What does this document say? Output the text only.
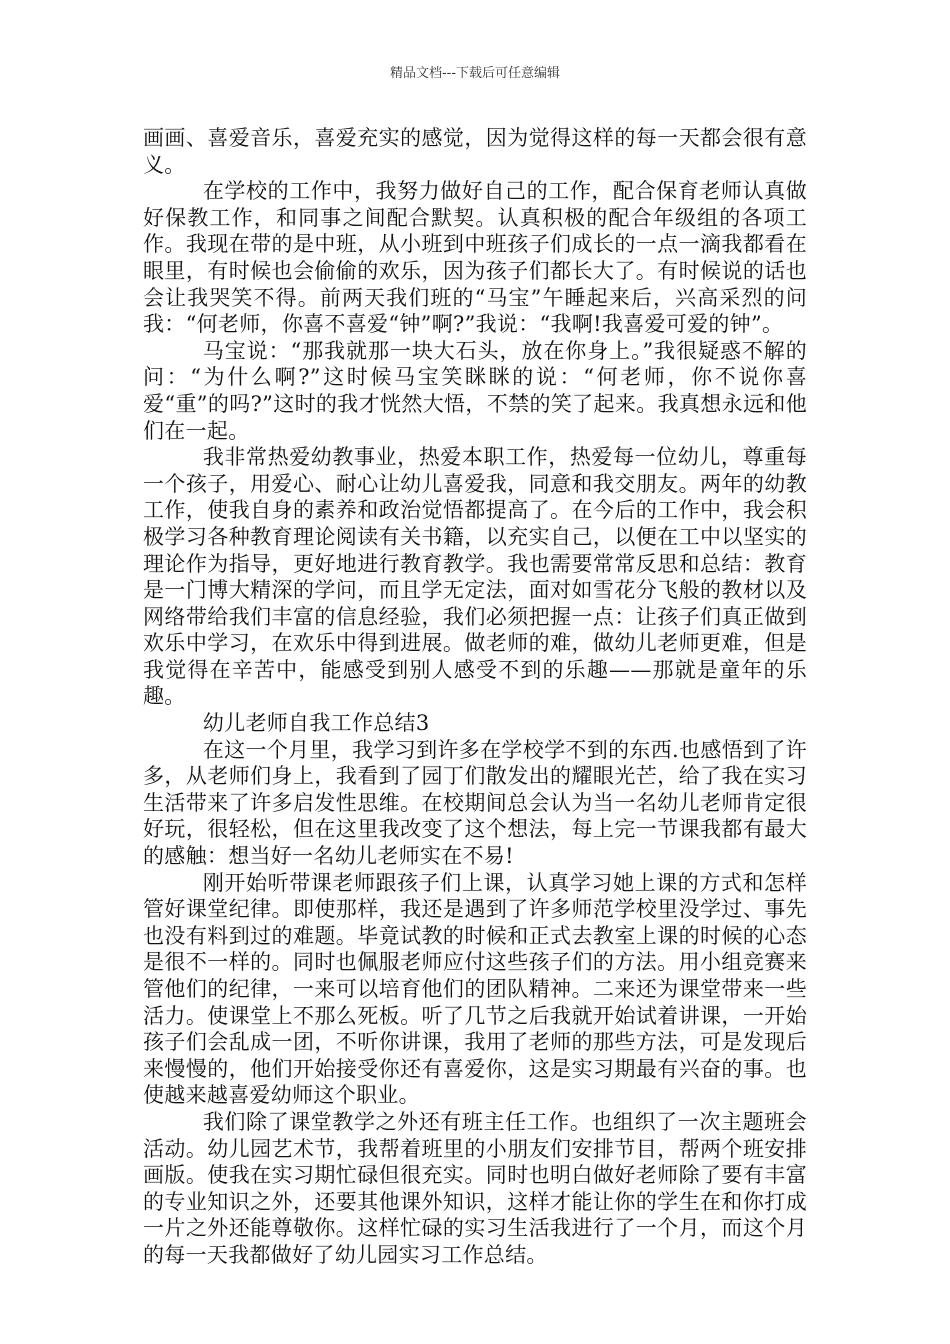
精品文档---下载后可任意编辑

画画、喜爱音乐，喜爱充实的感觉，因为觉得这样的每一天都会很有意义。

在学校的工作中，我努力做好自己的工作，配合保育老师认真做好保教工作，和同事之间配合默契。认真积极的配合年级组的各项工作。我现在带的是中班，从小班到中班孩子们成长的一点一滴我都看在眼里，有时候也会偷偷的欢乐，因为孩子们都长大了。有时候说的话也会让我哭笑不得。前两天我们班的“马宝”午睡起来后，兴高采烈的问我：“何老师，你喜不喜爱“钟”啊?”我说：“我啊!我喜爱可爱的钟”。

马宝说：“那我就那一块大石头，放在你身上。”我很疑惑不解的问：“为什么啊?”这时候马宝笑眯眯的说：“何老师，你不说你喜爱“重”的吗?”这时的我才恍然大悟，不禁的笑了起来。我真想永远和他们在一起。

我非常热爱幼教事业，热爱本职工作，热爱每一位幼儿，尊重每一个孩子，用爱心、耐心让幼儿喜爱我，同意和我交朋友。两年的幼教工作，使我自身的素养和政治觉悟都提高了。在今后的工作中，我会积极学习各种教育理论阅读有关书籍，以充实自己，以便在工中以坚实的理论作为指导，更好地进行教育教学。我也需要常常反思和总结：教育是一门博大精深的学问，而且学无定法，面对如雪花分飞般的教材以及网络带给我们丰富的信息经验，我们必须把握一点：让孩子们真正做到欢乐中学习，在欢乐中得到进展。做老师的难，做幼儿老师更难，但是我觉得在辛苦中，能感受到别人感受不到的乐趣——那就是童年的乐趣。

幼儿老师自我工作总结3

在这一个月里，我学习到许多在学校学不到的东西.也感悟到了许多，从老师们身上，我看到了园丁们散发出的耀眼光芒，给了我在实习生活带来了许多启发性思维。在校期间总会认为当一名幼儿老师肯定很好玩，很轻松，但在这里我改变了这个想法，每上完一节课我都有最大的感触：想当好一名幼儿老师实在不易!

刚开始听带课老师跟孩子们上课，认真学习她上课的方式和怎样管好课堂纪律。即使那样，我还是遇到了许多师范学校里没学过、事先也没有料到过的难题。毕竟试教的时候和正式去教室上课的时候的心态是很不一样的。同时也佩服老师应付这些孩子们的方法。用小组竞赛来管他们的纪律，一来可以培育他们的团队精神。二来还为课堂带来一些活力。使课堂上不那么死板。听了几节之后我就开始试着讲课，一开始孩子们会乱成一团，不听你讲课，我用了老师的那些方法，可是发现后来慢慢的，他们开始接受你还有喜爱你，这是实习期最有兴奋的事。也使越来越喜爱幼师这个职业。

我们除了课堂教学之外还有班主任工作。也组织了一次主题班会活动。幼儿园艺术节，我帮着班里的小朋友们安排节目，帮两个班安排画版。使我在实习期忙碌但很充实。同时也明白做好老师除了要有丰富的专业知识之外，还要其他课外知识，这样才能让你的学生在和你打成一片之外还能尊敬你。这样忙碌的实习生活我进行了一个月，而这个月的每一天我都做好了幼儿园实习工作总结。
